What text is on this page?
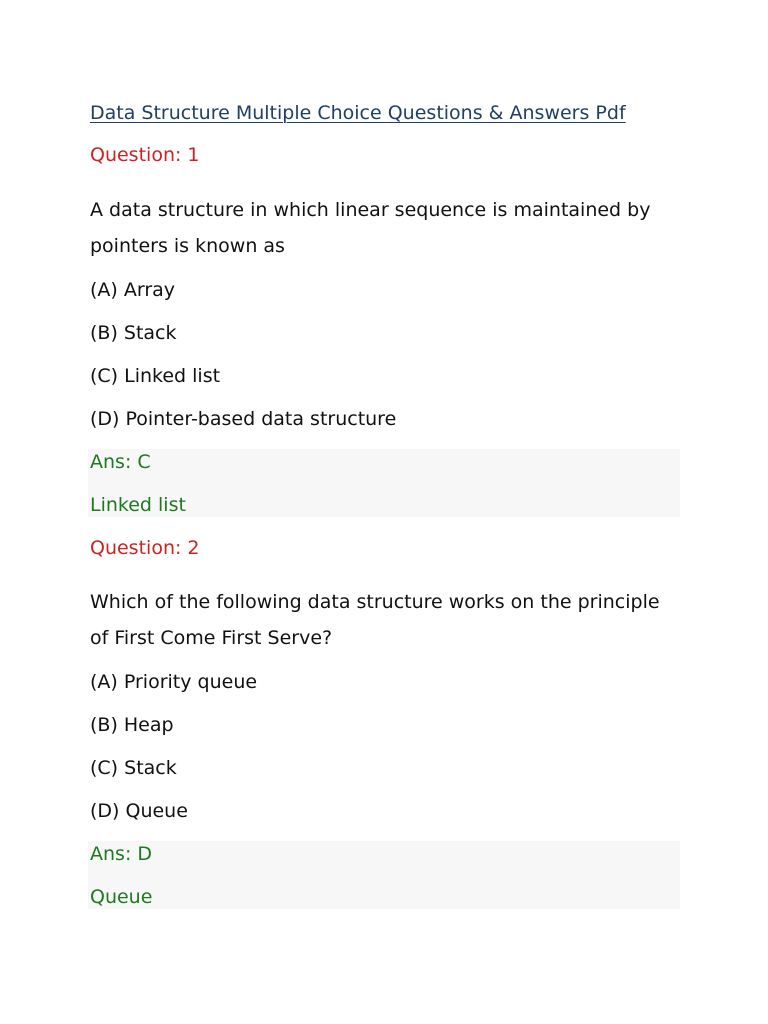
Data Structure Multiple Choice Questions & Answers Pdf
Question: 1
A data structure in which linear sequence is maintained by pointers is known as
(A) Array
(B) Stack
(C) Linked list
(D) Pointer-based data structure
Ans: C
Linked list
Question: 2
Which of the following data structure works on the principle of First Come First Serve?
(A) Priority queue
(B) Heap
(C) Stack
(D) Queue
Ans: D
Queue
